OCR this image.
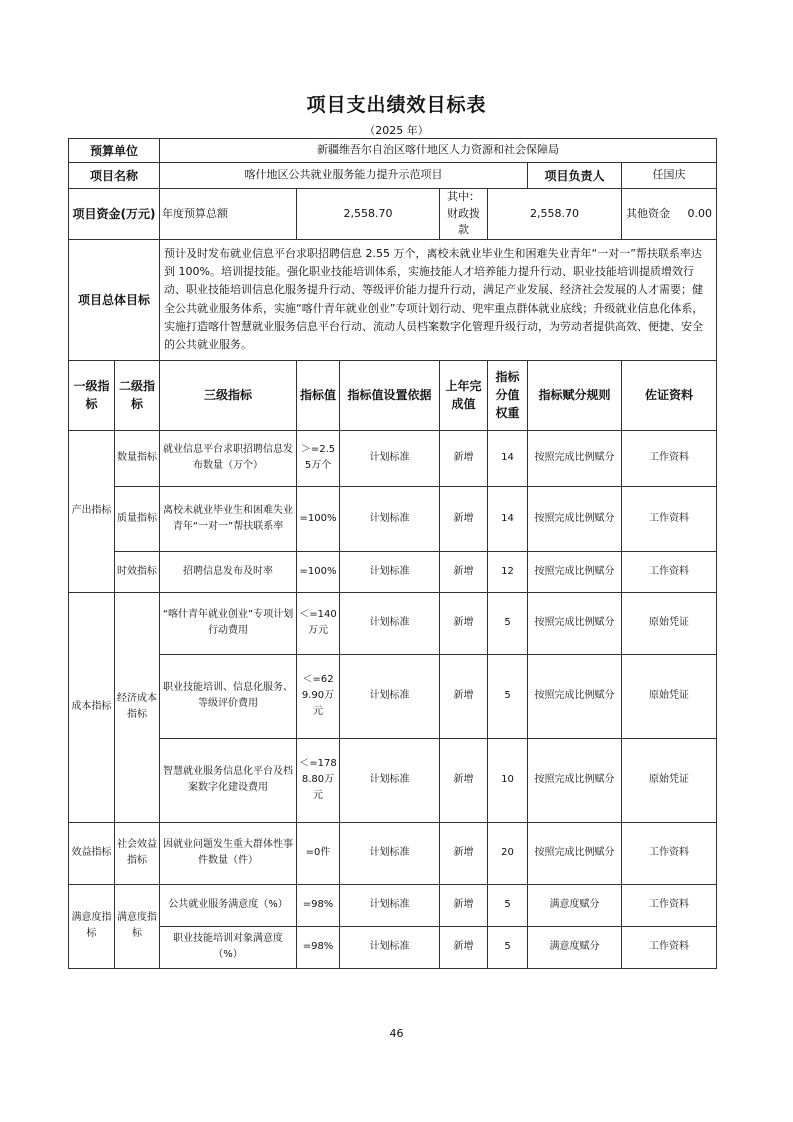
项目支出绩效目标表
（2025 年）
预算单位		新疆维吾尔自治区喀什地区人力资源和社会保障局						
项目名称		喀什地区公共就业服务能力提升示范项目					项目负责人	任国庆
项目资金(万元)		年度预算总额	2,558.70		其中：财政拨款	2,558.70		其他资金 0.00
项目总体目标		预计及时发布就业信息平台求职招聘信息 2.55 万个，离校未就业毕业生和困难失业青年“一对一”帮扶联系率达到 100%。培训提技能。强化职业技能培训体系，实施技能人才培养能力提升行动、职业技能培训提质增效行动、职业技能培训信息化服务提升行动、等级评价能力提升行动，满足产业发展、经济社会发展的人才需要；健全公共就业服务体系，实施“喀什青年就业创业”专项计划行动、兜牢重点群体就业底线；升级就业信息化体系，实施打造喀什智慧就业服务信息平台行动、流动人员档案数字化管理升级行动，为劳动者提供高效、便捷、安全的公共就业服务。						
一级指标	二级指标	三级指标	指标值	指标值设置依据	上年完成值	指标分值权重	指标赋分规则	佐证资料
产出指标	数量指标	就业信息平台求职招聘信息发布数量（万个）	＞=2.55万个	计划标准	新增	14	按照完成比例赋分	工作资料
	质量指标	离校未就业毕业生和困难失业青年“一对一”帮扶联系率	=100%	计划标准	新增	14	按照完成比例赋分	工作资料
	时效指标	招聘信息发布及时率	=100%	计划标准	新增	12	按照完成比例赋分	工作资料
成本指标	经济成本指标	“喀什青年就业创业”专项计划行动费用	＜=140万元	计划标准	新增	5	按照完成比例赋分	原始凭证
		职业技能培训、信息化服务、等级评价费用	＜=629.90万元	计划标准	新增	5	按照完成比例赋分	原始凭证
		智慧就业服务信息化平台及档案数字化建设费用	＜=1788.80万元	计划标准	新增	10	按照完成比例赋分	原始凭证
效益指标	社会效益指标	因就业问题发生重大群体性事件数量（件）	=0件	计划标准	新增	20	按照完成比例赋分	工作资料
满意度指标	满意度指标	公共就业服务满意度（%）	=98%	计划标准	新增	5	满意度赋分	工作资料
		职业技能培训对象满意度（%）	=98%	计划标准	新增	5	满意度赋分	工作资料
46
